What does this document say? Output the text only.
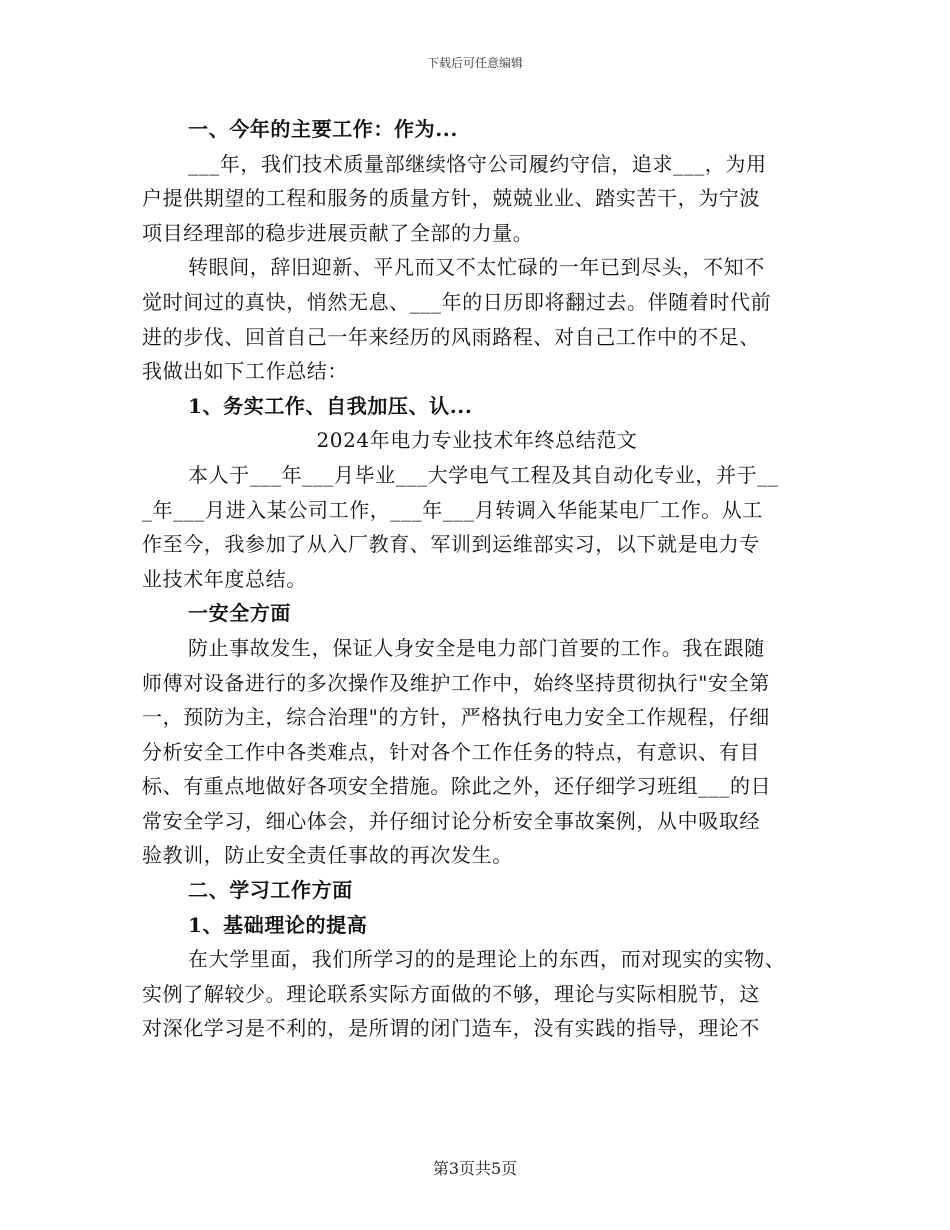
下载后可任意编辑
一、今年的主要工作：作为...
___年，我们技术质量部继续恪守公司履约守信，追求___，为用
户提供期望的工程和服务的质量方针，兢兢业业、踏实苦干，为宁波
项目经理部的稳步进展贡献了全部的力量。
转眼间，辞旧迎新、平凡而又不太忙碌的一年已到尽头，不知不
觉时间过的真快，悄然无息、___年的日历即将翻过去。伴随着时代前
进的步伐、回首自己一年来经历的风雨路程、对自己工作中的不足、
我做出如下工作总结：
1、务实工作、自我加压、认...
2024年电力专业技术年终总结范文
本人于___年___月毕业___大学电气工程及其自动化专业，并于__
_年___月进入某公司工作，___年___月转调入华能某电厂工作。从工
作至今，我参加了从入厂教育、军训到运维部实习，以下就是电力专
业技术年度总结。
一安全方面
防止事故发生，保证人身安全是电力部门首要的工作。我在跟随
师傅对设备进行的多次操作及维护工作中，始终坚持贯彻执行"安全第
一，预防为主，综合治理"的方针，严格执行电力安全工作规程，仔细
分析安全工作中各类难点，针对各个工作任务的特点，有意识、有目
标、有重点地做好各项安全措施。除此之外，还仔细学习班组___的日
常安全学习，细心体会，并仔细讨论分析安全事故案例，从中吸取经
验教训，防止安全责任事故的再次发生。
二、学习工作方面
1、基础理论的提高
在大学里面，我们所学习的的是理论上的东西，而对现实的实物、
实例了解较少。理论联系实际方面做的不够，理论与实际相脱节，这
对深化学习是不利的，是所谓的闭门造车，没有实践的指导，理论不
第3页共5页
